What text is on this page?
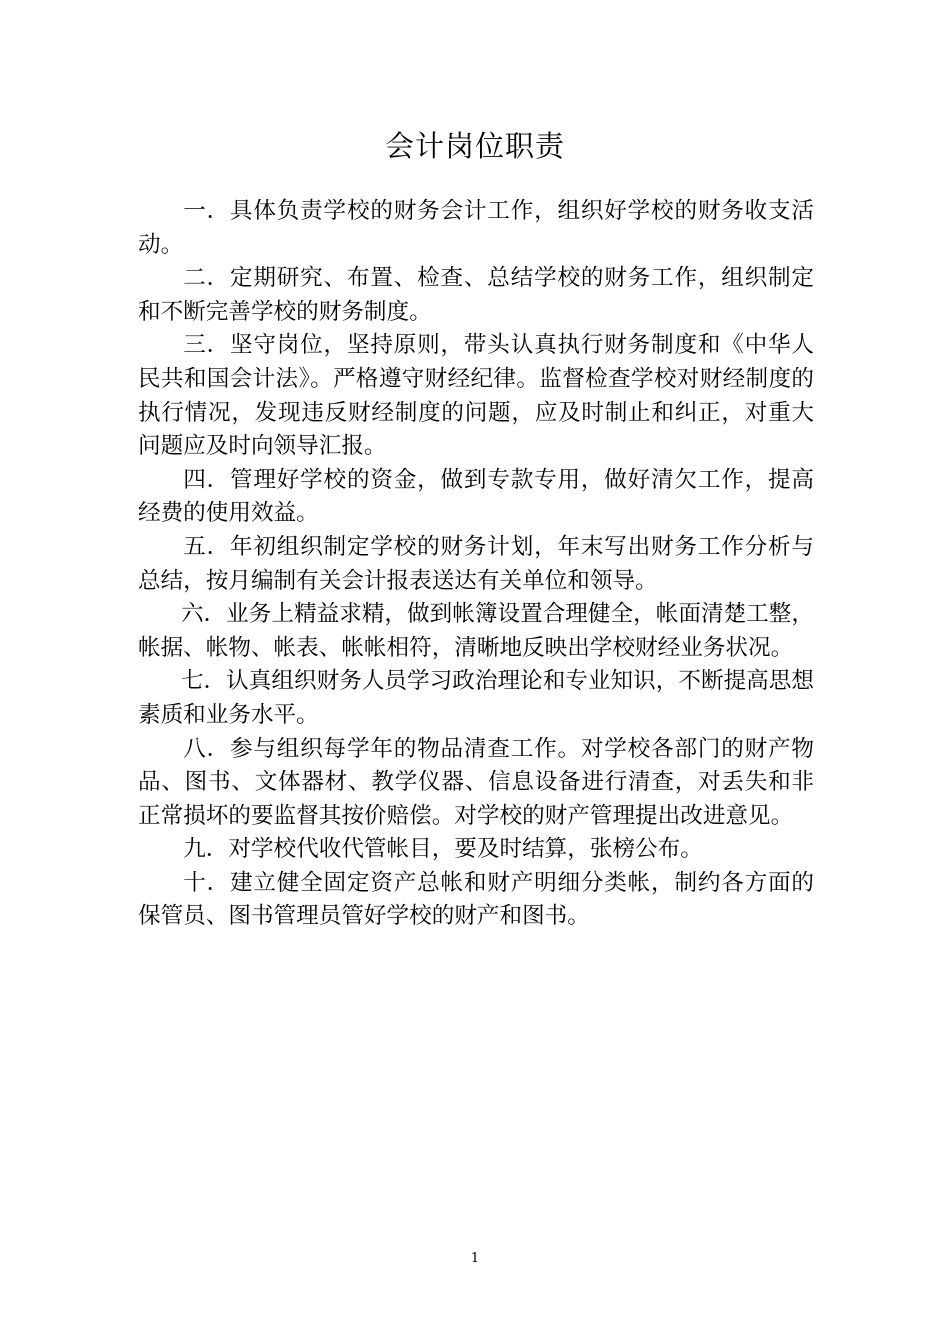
会计岗位职责

一．具体负责学校的财务会计工作，组织好学校的财务收支活动。

二．定期研究、布置、检查、总结学校的财务工作，组织制定和不断完善学校的财务制度。

三．坚守岗位，坚持原则，带头认真执行财务制度和《中华人民共和国会计法》。严格遵守财经纪律。监督检查学校对财经制度的执行情况，发现违反财经制度的问题，应及时制止和纠正，对重大问题应及时向领导汇报。

四．管理好学校的资金，做到专款专用，做好清欠工作，提高经费的使用效益。

五．年初组织制定学校的财务计划，年末写出财务工作分析与总结，按月编制有关会计报表送达有关单位和领导。

六．业务上精益求精，做到帐簿设置合理健全，帐面清楚工整，帐据、帐物、帐表、帐帐相符，清晰地反映出学校财经业务状况。

七．认真组织财务人员学习政治理论和专业知识，不断提高思想素质和业务水平。

八．参与组织每学年的物品清查工作。对学校各部门的财产物品、图书、文体器材、教学仪器、信息设备进行清查，对丢失和非正常损坏的要监督其按价赔偿。对学校的财产管理提出改进意见。

九．对学校代收代管帐目，要及时结算，张榜公布。

十．建立健全固定资产总帐和财产明细分类帐，制约各方面的保管员、图书管理员管好学校的财产和图书。

1
